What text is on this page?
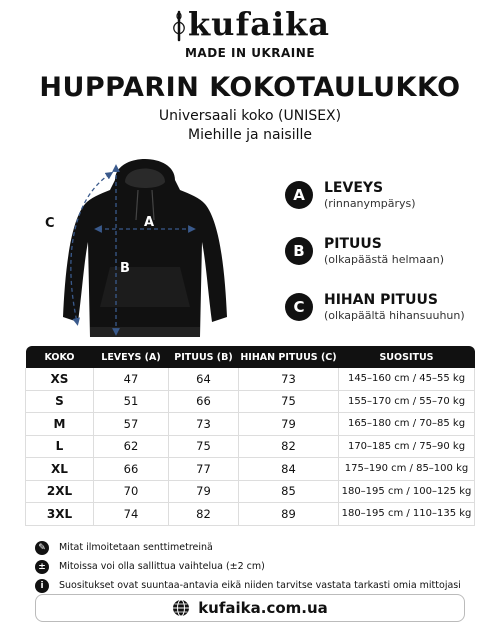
kufaika
MADE IN UKRAINE
HUPPARIN KOKOTAULUKKO
Universaali koko (UNISEX)
Miehille ja naisille
A
B
C
A	LEVEYS
(rinnanympärys)
B	PITUUS
(olkapäästä helmaan)
C	HIHAN PITUUS
(olkapäältä hihansuuhun)
KOKO	LEVEYS (A)	PITUUS (B)	HIHAN PITUUS (C)	SUOSITUS
XS	47	64	73	145–160 cm / 45–55 kg
S	51	66	75	155–170 cm / 55–70 kg
M	57	73	79	165–180 cm / 70–85 kg
L	62	75	82	170–185 cm / 75–90 kg
XL	66	77	84	175–190 cm / 85–100 kg
2XL	70	79	85	180–195 cm / 100–125 kg
3XL	74	82	89	180–195 cm / 110–135 kg
✎	Mitat ilmoitetaan senttimetreinä
±	Mitoissa voi olla sallittua vaihtelua (±2 cm)
i	Suositukset ovat suuntaa-antavia eikä niiden tarvitse vastata tarkasti omia mittojasi
kufaika.com.ua
